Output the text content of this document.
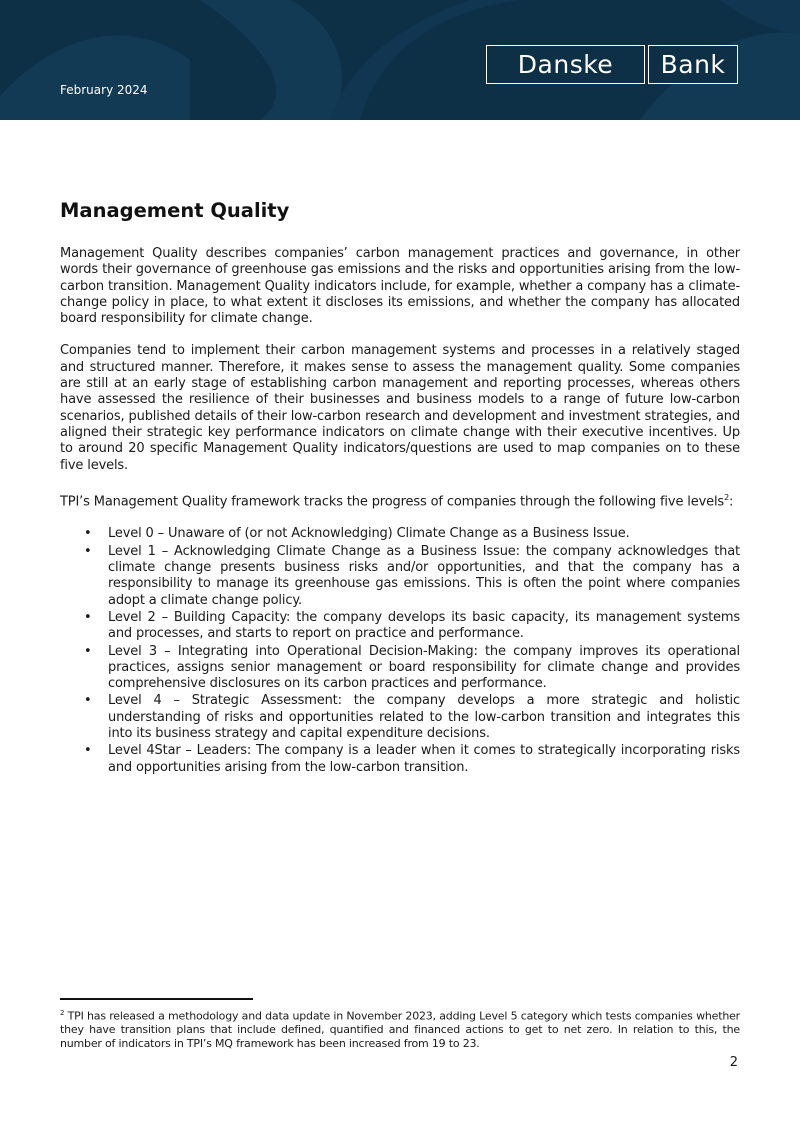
February 2024
Danske	Bank
Management Quality

Management Quality describes companies’ carbon management practices and governance, in other words their governance of greenhouse gas emissions and the risks and opportunities arising from the low-carbon transition. Management Quality indicators include, for example, whether a company has a climate-change policy in place, to what extent it discloses its emissions, and whether the company has allocated board responsibility for climate change.

Companies tend to implement their carbon management systems and processes in a relatively staged and structured manner. Therefore, it makes sense to assess the management quality. Some companies are still at an early stage of establishing carbon management and reporting processes, whereas others have assessed the resilience of their businesses and business models to a range of future low-carbon scenarios, published details of their low-carbon research and development and investment strategies, and aligned their strategic key performance indicators on climate change with their executive incentives. Up to around 20 specific Management Quality indicators/questions are used to map companies on to these five levels.

TPI’s Management Quality framework tracks the progress of companies through the following five levels$^2$:

• Level 0 – Unaware of (or not Acknowledging) Climate Change as a Business Issue.
• Level 1 – Acknowledging Climate Change as a Business Issue: the company acknowledges that climate change presents business risks and/or opportunities, and that the company has a responsibility to manage its greenhouse gas emissions. This is often the point where companies adopt a climate change policy.
• Level 2 – Building Capacity: the company develops its basic capacity, its management systems and processes, and starts to report on practice and performance.
• Level 3 – Integrating into Operational Decision-Making: the company improves its operational practices, assigns senior management or board responsibility for climate change and provides comprehensive disclosures on its carbon practices and performance.
• Level 4 – Strategic Assessment: the company develops a more strategic and holistic understanding of risks and opportunities related to the low-carbon transition and integrates this into its business strategy and capital expenditure decisions.
• Level 4Star – Leaders: The company is a leader when it comes to strategically incorporating risks and opportunities arising from the low-carbon transition.
$^2$ TPI has released a methodology and data update in November 2023, adding Level 5 category which tests companies whether they have transition plans that include defined, quantified and financed actions to get to net zero. In relation to this, the number of indicators in TPI’s MQ framework has been increased from 19 to 23.
2
